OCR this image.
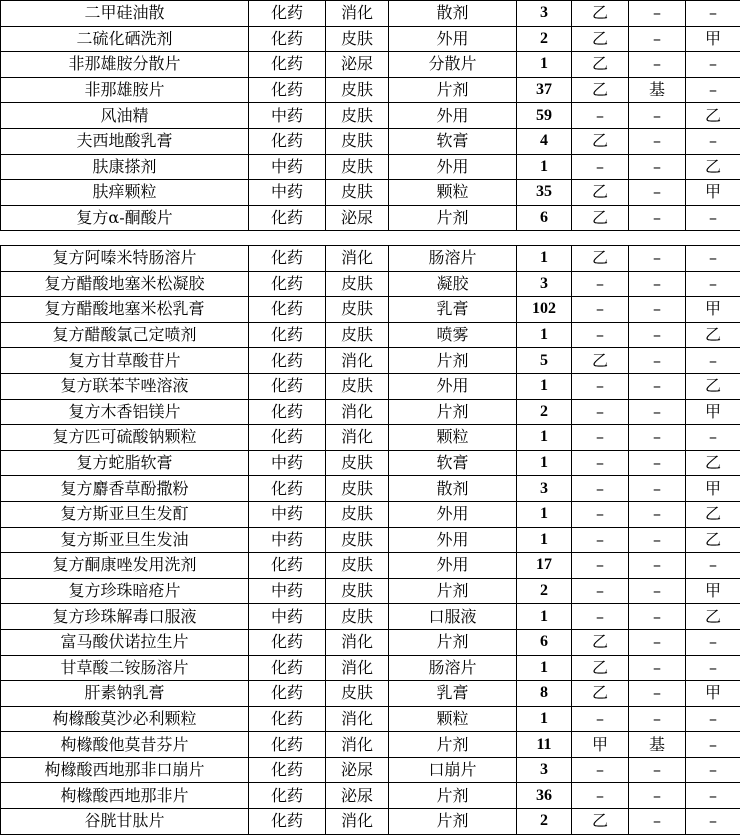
二甲硅油散	化药	消化	散剂	3	乙	–	–
二硫化硒洗剂	化药	皮肤	外用	2	乙	–	甲
非那雄胺分散片	化药	泌尿	分散片	1	乙	–	–
非那雄胺片	化药	皮肤	片剂	37	乙	基	–
风油精	中药	皮肤	外用	59	–	–	乙
夫西地酸乳膏	化药	皮肤	软膏	4	乙	–	–
肤康搽剂	中药	皮肤	外用	1	–	–	乙
肤痒颗粒	中药	皮肤	颗粒	35	乙	–	甲
复方α-酮酸片	化药	泌尿	片剂	6	乙	–	–
复方阿嗪米特肠溶片	化药	消化	肠溶片	1	乙	–	–
复方醋酸地塞米松凝胶	化药	皮肤	凝胶	3	–	–	–
复方醋酸地塞米松乳膏	化药	皮肤	乳膏	102	–	–	甲
复方醋酸氯己定喷剂	化药	皮肤	喷雾	1	–	–	乙
复方甘草酸苷片	化药	消化	片剂	5	乙	–	–
复方联苯苄唑溶液	化药	皮肤	外用	1	–	–	乙
复方木香铝镁片	化药	消化	片剂	2	–	–	甲
复方匹可硫酸钠颗粒	化药	消化	颗粒	1	–	–	–
复方蛇脂软膏	中药	皮肤	软膏	1	–	–	乙
复方麝香草酚撒粉	化药	皮肤	散剂	3	–	–	甲
复方斯亚旦生发酊	中药	皮肤	外用	1	–	–	乙
复方斯亚旦生发油	中药	皮肤	外用	1	–	–	乙
复方酮康唑发用洗剂	化药	皮肤	外用	17	–	–	–
复方珍珠暗疮片	中药	皮肤	片剂	2	–	–	甲
复方珍珠解毒口服液	中药	皮肤	口服液	1	–	–	乙
富马酸伏诺拉生片	化药	消化	片剂	6	乙	–	–
甘草酸二铵肠溶片	化药	消化	肠溶片	1	乙	–	–
肝素钠乳膏	化药	皮肤	乳膏	8	乙	–	甲
枸橼酸莫沙必利颗粒	化药	消化	颗粒	1	–	–	–
枸橼酸他莫昔芬片	化药	消化	片剂	11	甲	基	–
枸橼酸西地那非口崩片	化药	泌尿	口崩片	3	–	–	–
枸橼酸西地那非片	化药	泌尿	片剂	36	–	–	–
谷胱甘肽片	化药	消化	片剂	2	乙	–	–
